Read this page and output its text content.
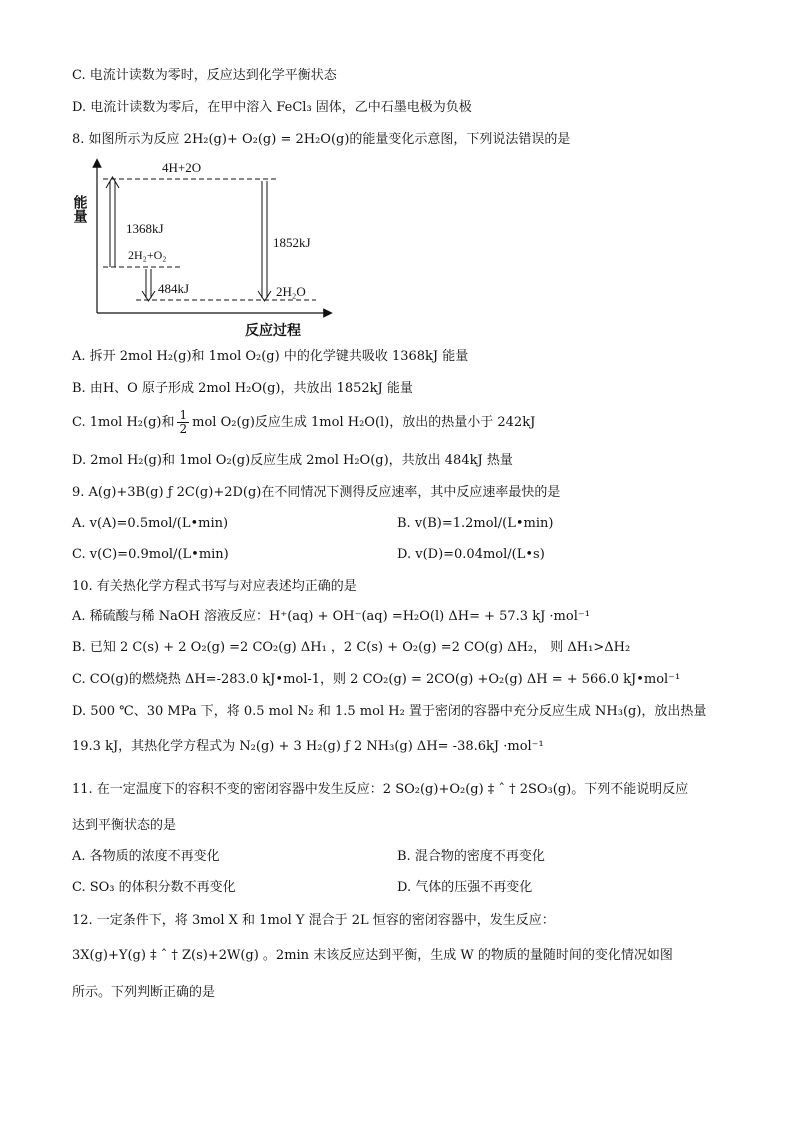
C. 电流计读数为零时，反应达到化学平衡状态
D. 电流计读数为零后，在甲中溶入 FeCl₃ 固体，乙中石墨电极为负极
8. 如图所示为反应 2H₂(g)+ O₂(g) = 2H₂O(g)的能量变化示意图，下列说法错误的是
能量
反应过程
4H+2O
2H₂+O₂
2H₂O
1368kJ
484kJ
1852kJ
A. 拆开 2mol H₂(g)和 1mol O₂(g) 中的化学键共吸收 1368kJ 能量
B. 由H、O 原子形成 2mol H₂O(g)，共放出 1852kJ 能量
C. 1mol H₂(g)和 $\frac{1}{2}$ mol O₂(g)反应生成 1mol H₂O(l)，放出的热量小于 242kJ
D. 2mol H₂(g)和 1mol O₂(g)反应生成 2mol H₂O(g)，共放出 484kJ 热量
9. A(g)+3B(g) ƒ 2C(g)+2D(g)在不同情况下测得反应速率，其中反应速率最快的是
A. v(A)=0.5mol/(L•min)	B. v(B)=1.2mol/(L•min)
C. v(C)=0.9mol/(L•min)	D. v(D)=0.04mol/(L•s)
10. 有关热化学方程式书写与对应表述均正确的是
A. 稀硫酸与稀 NaOH 溶液反应：H⁺(aq) + OH⁻(aq) =H₂O(l) ΔH= + 57.3 kJ ·mol⁻¹
B. 已知 2 C(s) + 2 O₂(g) =2 CO₂(g) ΔH₁ ，2 C(s) + O₂(g) =2 CO(g) ΔH₂， 则 ΔH₁>ΔH₂
C. CO(g)的燃烧热 ΔH=-283.0 kJ•mol-1，则 2 CO₂(g) = 2CO(g) +O₂(g) ΔH = + 566.0 kJ•mol⁻¹
D. 500 ℃、30 MPa 下，将 0.5 mol N₂ 和 1.5 mol H₂ 置于密闭的容器中充分反应生成 NH₃(g)，放出热量
19.3 kJ，其热化学方程式为 N₂(g) + 3 H₂(g) ƒ 2 NH₃(g) ΔH= -38.6kJ ·mol⁻¹
11. 在一定温度下的容积不变的密闭容器中发生反应：2 SO₂(g)+O₂(g) ‡ ˆ † 2SO₃(g)。下列不能说明反应
达到平衡状态的是
A. 各物质的浓度不再变化	B. 混合物的密度不再变化
C. SO₃ 的体积分数不再变化	D. 气体的压强不再变化
12. 一定条件下，将 3mol X 和 1mol Y 混合于 2L 恒容的密闭容器中，发生反应：
3X(g)+Y(g) ‡ ˆ † Z(s)+2W(g) 。2min 末该反应达到平衡，生成 W 的物质的量随时间的变化情况如图
所示。下列判断正确的是
